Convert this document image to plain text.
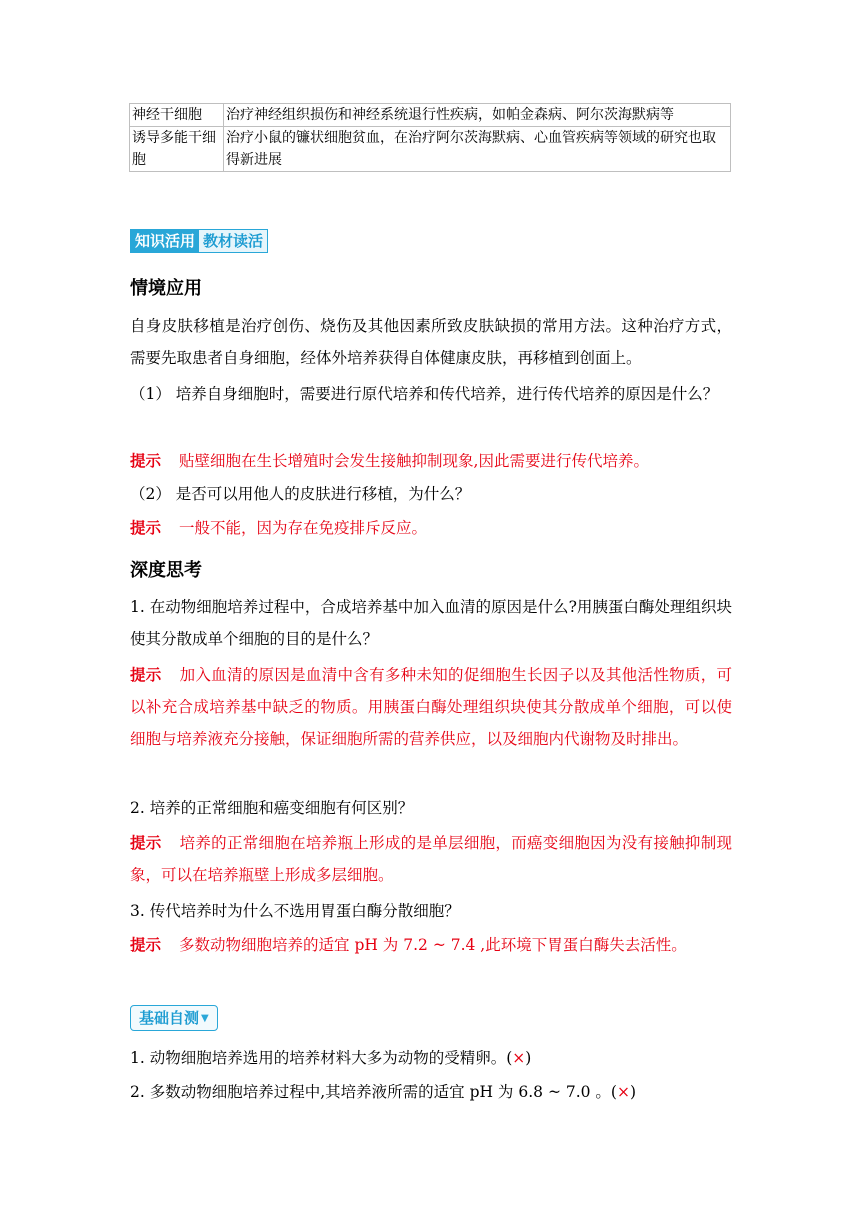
神经干细胞	治疗神经组织损伤和神经系统退行性疾病，如帕金森病、阿尔茨海默病等
诱导多能干细胞	治疗小鼠的镰状细胞贫血，在治疗阿尔茨海默病、心血管疾病等领域的研究也取得新进展
知识活用 教材读活
情境应用
自身皮肤移植是治疗创伤、烧伤及其他因素所致皮肤缺损的常用方法。这种治疗方式，需要先取患者自身细胞，经体外培养获得自体健康皮肤，再移植到创面上。
（1） 培养自身细胞时，需要进行原代培养和传代培养，进行传代培养的原因是什么？
提示 贴壁细胞在生长增殖时会发生接触抑制现象,因此需要进行传代培养。
（2） 是否可以用他人的皮肤进行移植，为什么？
提示 一般不能，因为存在免疫排斥反应。
深度思考
1. 在动物细胞培养过程中，合成培养基中加入血清的原因是什么?用胰蛋白酶处理组织块使其分散成单个细胞的目的是什么？
提示 加入血清的原因是血清中含有多种未知的促细胞生长因子以及其他活性物质，可以补充合成培养基中缺乏的物质。用胰蛋白酶处理组织块使其分散成单个细胞，可以使细胞与培养液充分接触，保证细胞所需的营养供应，以及细胞内代谢物及时排出。
2. 培养的正常细胞和癌变细胞有何区别？
提示 培养的正常细胞在培养瓶上形成的是单层细胞，而癌变细胞因为没有接触抑制现象，可以在培养瓶壁上形成多层细胞。
3. 传代培养时为什么不选用胃蛋白酶分散细胞？
提示 多数动物细胞培养的适宜 pH 为 7.2 ~ 7.4 ,此环境下胃蛋白酶失去活性。
基础自测 ▼
1. 动物细胞培养选用的培养材料大多为动物的受精卵。(×)
2. 多数动物细胞培养过程中,其培养液所需的适宜 pH 为 6.8 ~ 7.0 。(×)
